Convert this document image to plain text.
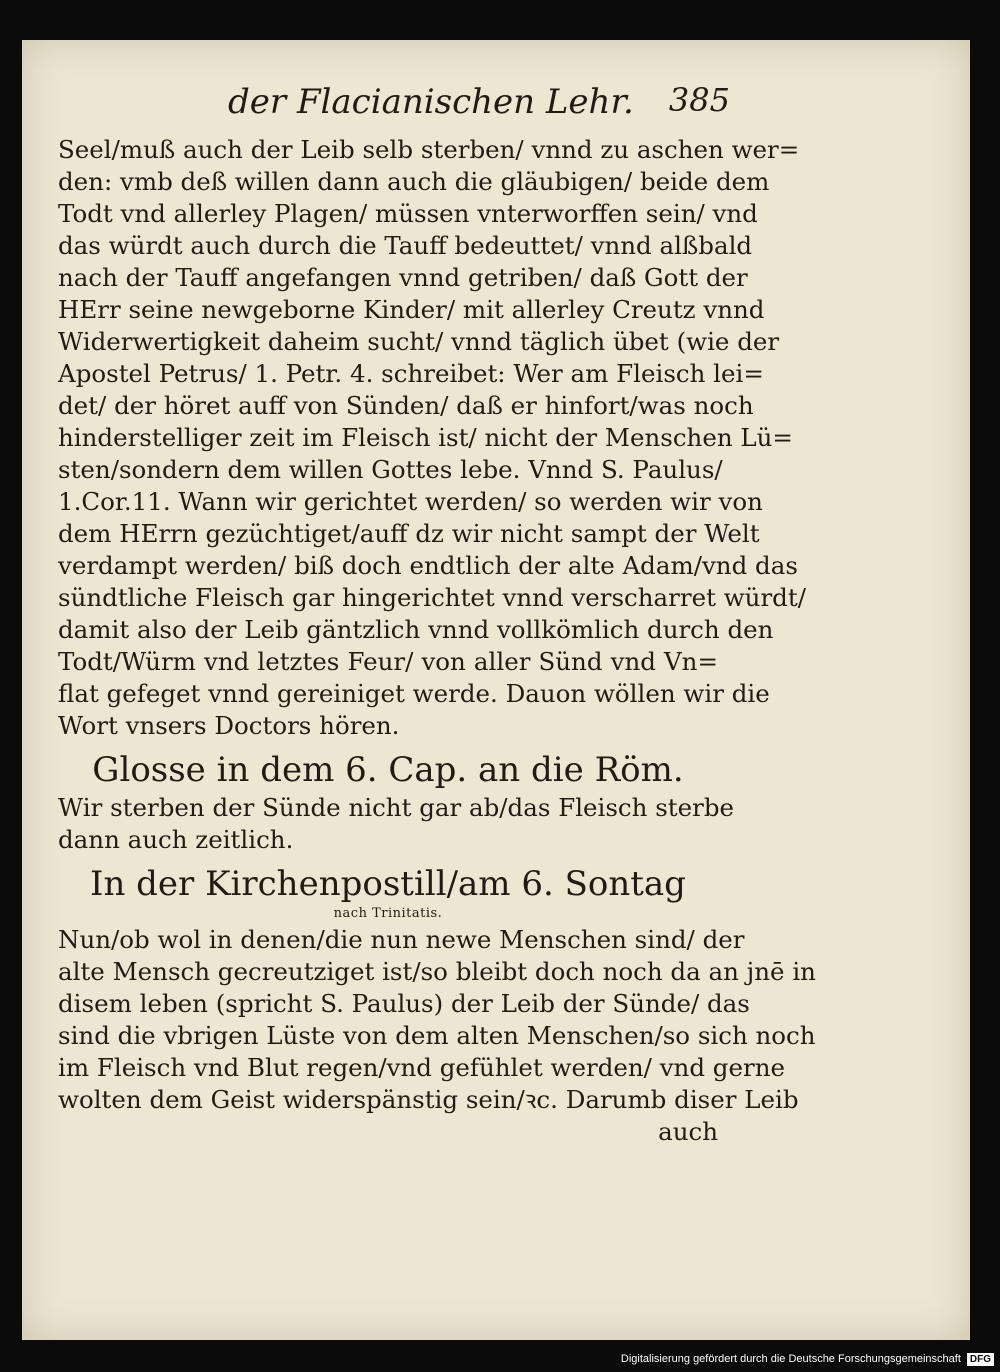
der Flacianischen Lehr. 385
Seel/muß auch der Leib selb sterben/ vnnd zu aschen wer=
den: vmb deß willen dann auch die gläubigen/ beide dem
Todt vnd allerley Plagen/ müssen vnterworffen sein/ vnd
das würdt auch durch die Tauff bedeuttet/ vnnd alßbald
nach der Tauff angefangen vnnd getriben/ daß Gott der
HErr seine newgeborne Kinder/ mit allerley Creutz vnnd
Widerwertigkeit daheim sucht/ vnnd täglich übet (wie der
Apostel Petrus/ 1. Petr. 4. schreibet: Wer am Fleisch lei=
det/ der höret auff von Sünden/ daß er hinfort/was noch
hinderstelliger zeit im Fleisch ist/ nicht der Menschen Lü=
sten/sondern dem willen Gottes lebe. Vnnd S. Paulus/
1.Cor.11. Wann wir gerichtet werden/ so werden wir von
dem HErrn gezüchtiget/auff dz wir nicht sampt der Welt
verdampt werden/ biß doch endtlich der alte Adam/vnd das
sündtliche Fleisch gar hingerichtet vnnd verscharret würdt/
damit also der Leib gäntzlich vnnd vollkömlich durch den
Todt/Würm vnd letztes Feur/ von aller Sünd vnd Vn=
flat gefeget vnnd gereiniget werde. Dauon wöllen wir die
Wort vnsers Doctors hören.
Glosse in dem 6. Cap. an die Röm.
Wir sterben der Sünde nicht gar ab/das Fleisch sterbe
dann auch zeitlich.
In der Kirchenpostill/am 6. Sontag
nach Trinitatis.
Nun/ob wol in denen/die nun newe Menschen sind/ der
alte Mensch gecreutziget ist/so bleibt doch noch da an jnē in
disem leben (spricht S. Paulus) der Leib der Sünde/ das
sind die vbrigen Lüste von dem alten Menschen/so sich noch
im Fleisch vnd Blut regen/vnd gefühlet werden/ vnd gerne
wolten dem Geist widerspänstig sein/ꝛc. Darumb diser Leib
auch
Digitalisierung gefördert durch die Deutsche Forschungsgemeinschaft DFG
